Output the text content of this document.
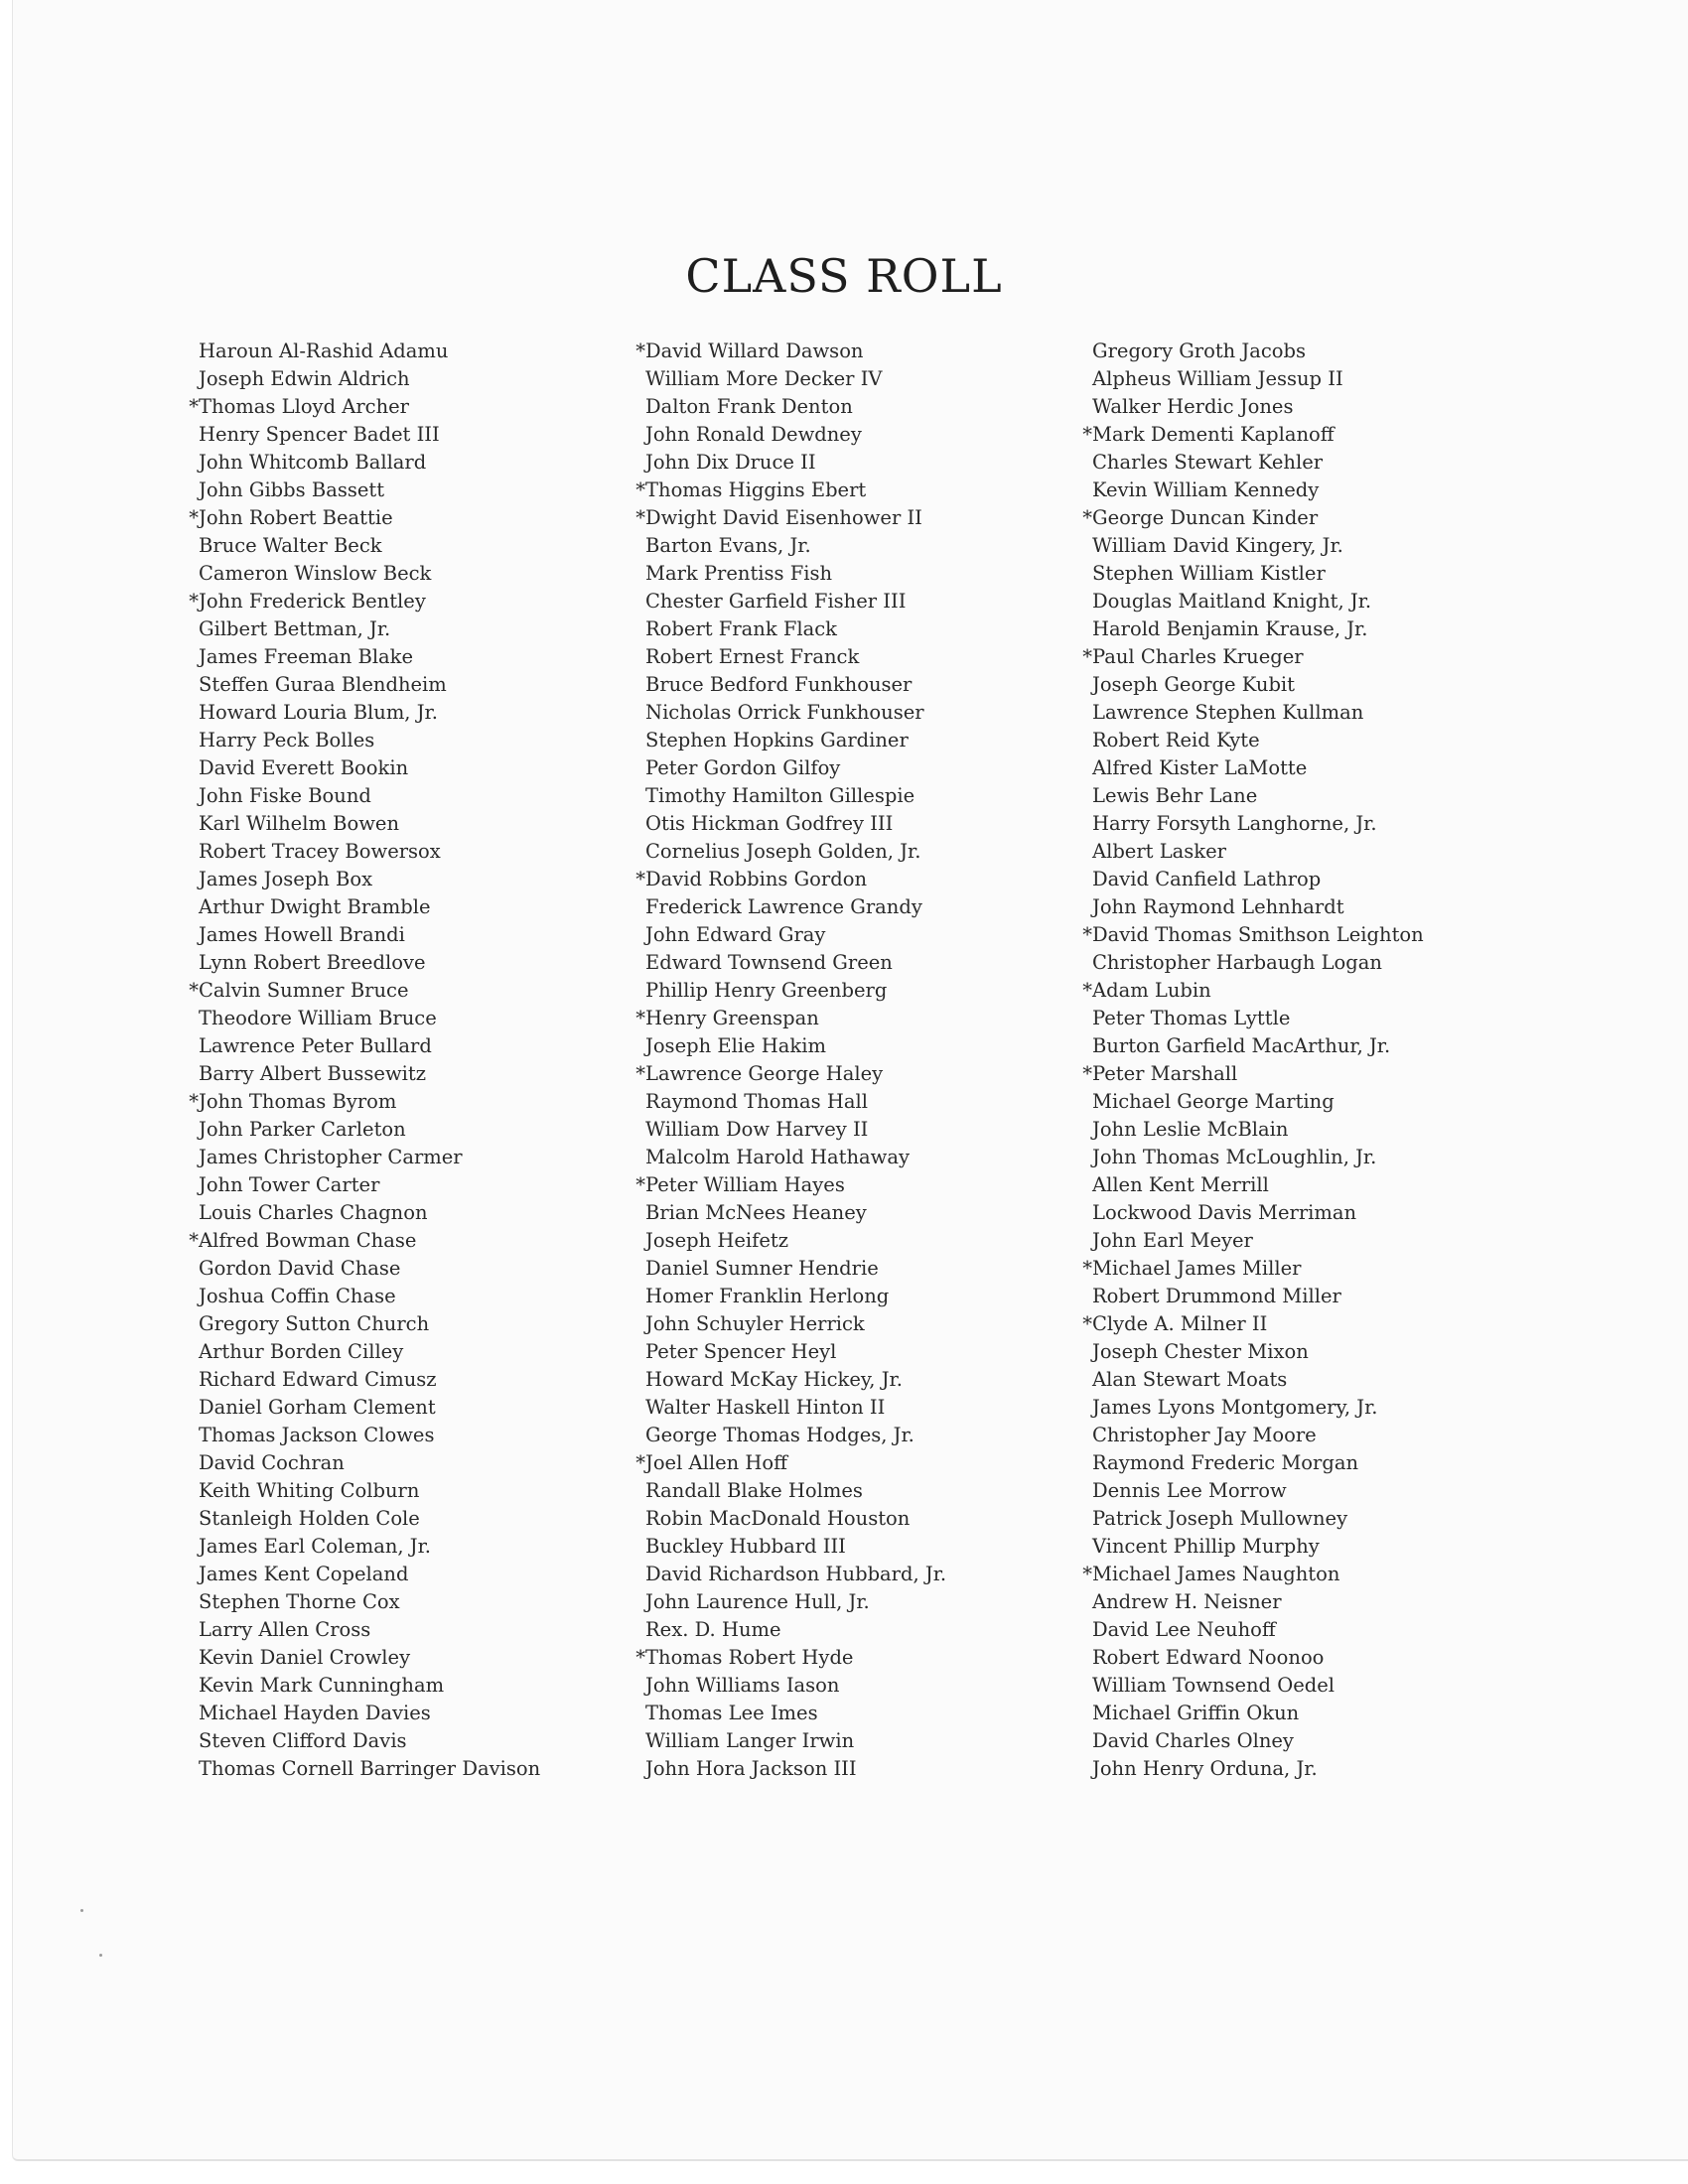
CLASS ROLL
Haroun Al-Rashid Adamu
Joseph Edwin Aldrich
* Thomas Lloyd Archer
Henry Spencer Badet III
John Whitcomb Ballard
John Gibbs Bassett
* John Robert Beattie
Bruce Walter Beck
Cameron Winslow Beck
* John Frederick Bentley
Gilbert Bettman, Jr.
James Freeman Blake
Steffen Guraa Blendheim
Howard Louria Blum, Jr.
Harry Peck Bolles
David Everett Bookin
John Fiske Bound
Karl Wilhelm Bowen
Robert Tracey Bowersox
James Joseph Box
Arthur Dwight Bramble
James Howell Brandi
Lynn Robert Breedlove
* Calvin Sumner Bruce
Theodore William Bruce
Lawrence Peter Bullard
Barry Albert Bussewitz
* John Thomas Byrom
John Parker Carleton
James Christopher Carmer
John Tower Carter
Louis Charles Chagnon
* Alfred Bowman Chase
Gordon David Chase
Joshua Coffin Chase
Gregory Sutton Church
Arthur Borden Cilley
Richard Edward Cimusz
Daniel Gorham Clement
Thomas Jackson Clowes
David Cochran
Keith Whiting Colburn
Stanleigh Holden Cole
James Earl Coleman, Jr.
James Kent Copeland
Stephen Thorne Cox
Larry Allen Cross
Kevin Daniel Crowley
Kevin Mark Cunningham
Michael Hayden Davies
Steven Clifford Davis
Thomas Cornell Barringer Davison
* David Willard Dawson
William More Decker IV
Dalton Frank Denton
John Ronald Dewdney
John Dix Druce II
* Thomas Higgins Ebert
* Dwight David Eisenhower II
Barton Evans, Jr.
Mark Prentiss Fish
Chester Garfield Fisher III
Robert Frank Flack
Robert Ernest Franck
Bruce Bedford Funkhouser
Nicholas Orrick Funkhouser
Stephen Hopkins Gardiner
Peter Gordon Gilfoy
Timothy Hamilton Gillespie
Otis Hickman Godfrey III
Cornelius Joseph Golden, Jr.
* David Robbins Gordon
Frederick Lawrence Grandy
John Edward Gray
Edward Townsend Green
Phillip Henry Greenberg
* Henry Greenspan
Joseph Elie Hakim
* Lawrence George Haley
Raymond Thomas Hall
William Dow Harvey II
Malcolm Harold Hathaway
* Peter William Hayes
Brian McNees Heaney
Joseph Heifetz
Daniel Sumner Hendrie
Homer Franklin Herlong
John Schuyler Herrick
Peter Spencer Heyl
Howard McKay Hickey, Jr.
Walter Haskell Hinton II
George Thomas Hodges, Jr.
* Joel Allen Hoff
Randall Blake Holmes
Robin MacDonald Houston
Buckley Hubbard III
David Richardson Hubbard, Jr.
John Laurence Hull, Jr.
Rex. D. Hume
* Thomas Robert Hyde
John Williams Iason
Thomas Lee Imes
William Langer Irwin
John Hora Jackson III
Gregory Groth Jacobs
Alpheus William Jessup II
Walker Herdic Jones
* Mark Dementi Kaplanoff
Charles Stewart Kehler
Kevin William Kennedy
* George Duncan Kinder
William David Kingery, Jr.
Stephen William Kistler
Douglas Maitland Knight, Jr.
Harold Benjamin Krause, Jr.
* Paul Charles Krueger
Joseph George Kubit
Lawrence Stephen Kullman
Robert Reid Kyte
Alfred Kister LaMotte
Lewis Behr Lane
Harry Forsyth Langhorne, Jr.
Albert Lasker
David Canfield Lathrop
John Raymond Lehnhardt
* David Thomas Smithson Leighton
Christopher Harbaugh Logan
* Adam Lubin
Peter Thomas Lyttle
Burton Garfield MacArthur, Jr.
* Peter Marshall
Michael George Marting
John Leslie McBlain
John Thomas McLoughlin, Jr.
Allen Kent Merrill
Lockwood Davis Merriman
John Earl Meyer
* Michael James Miller
Robert Drummond Miller
* Clyde A. Milner II
Joseph Chester Mixon
Alan Stewart Moats
James Lyons Montgomery, Jr.
Christopher Jay Moore
Raymond Frederic Morgan
Dennis Lee Morrow
Patrick Joseph Mullowney
Vincent Phillip Murphy
* Michael James Naughton
Andrew H. Neisner
David Lee Neuhoff
Robert Edward Noonoo
William Townsend Oedel
Michael Griffin Okun
David Charles Olney
John Henry Orduna, Jr.
